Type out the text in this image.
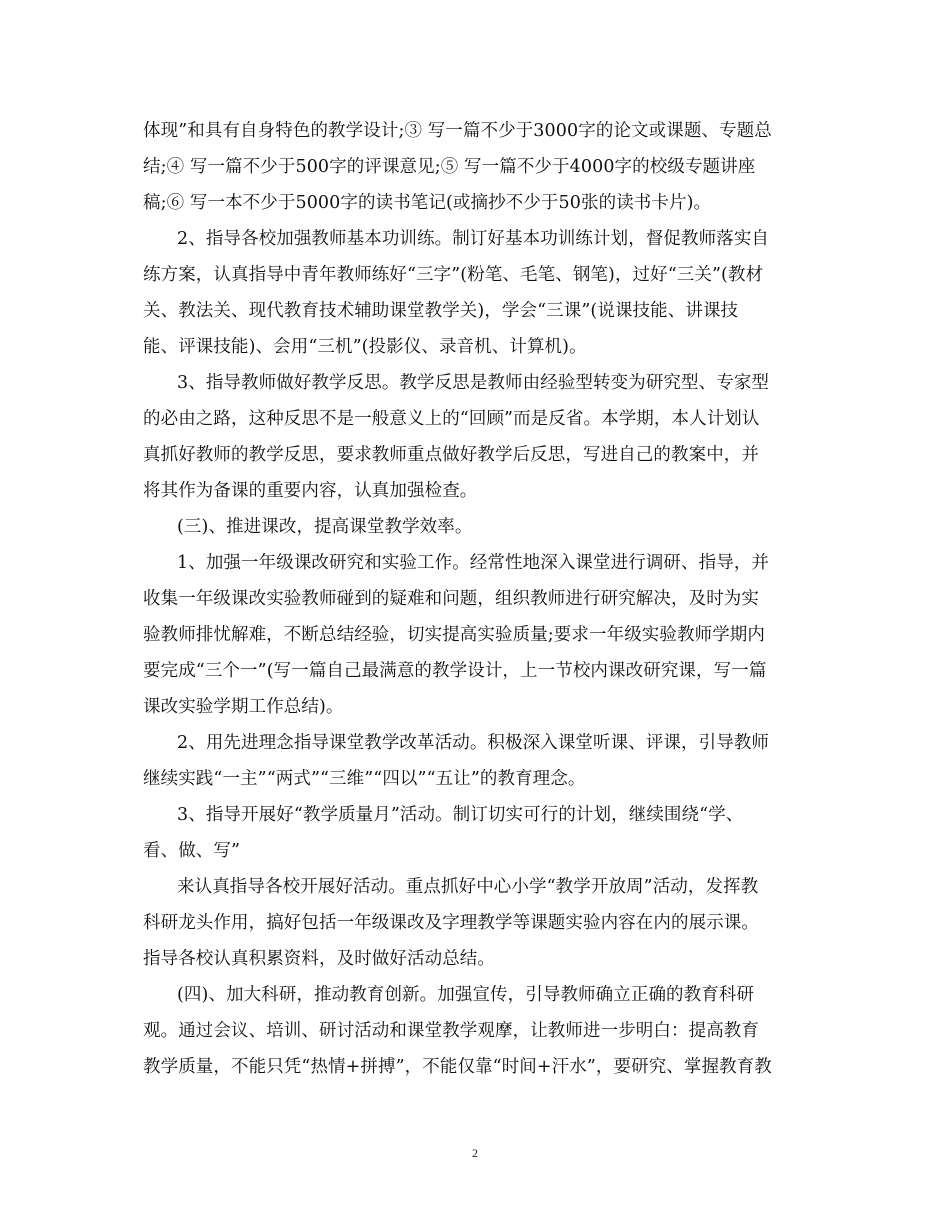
体现”和具有自身特色的教学设计;③ 写一篇不少于3000字的论文或课题、专题总
结;④ 写一篇不少于500字的评课意见;⑤ 写一篇不少于4000字的校级专题讲座
稿;⑥ 写一本不少于5000字的读书笔记(或摘抄不少于50张的读书卡片)。
2、指导各校加强教师基本功训练。制订好基本功训练计划，督促教师落实自
练方案，认真指导中青年教师练好“三字”(粉笔、毛笔、钢笔)，过好“三关”(教材
关、教法关、现代教育技术辅助课堂教学关)，学会“三课”(说课技能、讲课技
能、评课技能)、会用“三机”(投影仪、录音机、计算机)。
3、指导教师做好教学反思。教学反思是教师由经验型转变为研究型、专家型
的必由之路，这种反思不是一般意义上的“回顾”而是反省。本学期，本人计划认
真抓好教师的教学反思，要求教师重点做好教学后反思，写进自己的教案中，并
将其作为备课的重要内容，认真加强检查。
(三)、推进课改，提高课堂教学效率。
1、加强一年级课改研究和实验工作。经常性地深入课堂进行调研、指导，并
收集一年级课改实验教师碰到的疑难和问题，组织教师进行研究解决，及时为实
验教师排忧解难，不断总结经验，切实提高实验质量;要求一年级实验教师学期内
要完成“三个一”(写一篇自己最满意的教学设计，上一节校内课改研究课，写一篇
课改实验学期工作总结)。
2、用先进理念指导课堂教学改革活动。积极深入课堂听课、评课，引导教师
继续实践“一主”“两式”“三维”“四以”“五让”的教育理念。
3、指导开展好“教学质量月”活动。制订切实可行的计划，继续围绕“学、
看、做、写”
来认真指导各校开展好活动。重点抓好中心小学“教学开放周”活动，发挥教
科研龙头作用，搞好包括一年级课改及字理教学等课题实验内容在内的展示课。
指导各校认真积累资料，及时做好活动总结。
(四)、加大科研，推动教育创新。加强宣传，引导教师确立正确的教育科研
观。通过会议、培训、研讨活动和课堂教学观摩，让教师进一步明白：提高教育
教学质量，不能只凭“热情+拼搏”，不能仅靠“时间+汗水”，要研究、掌握教育教
2
